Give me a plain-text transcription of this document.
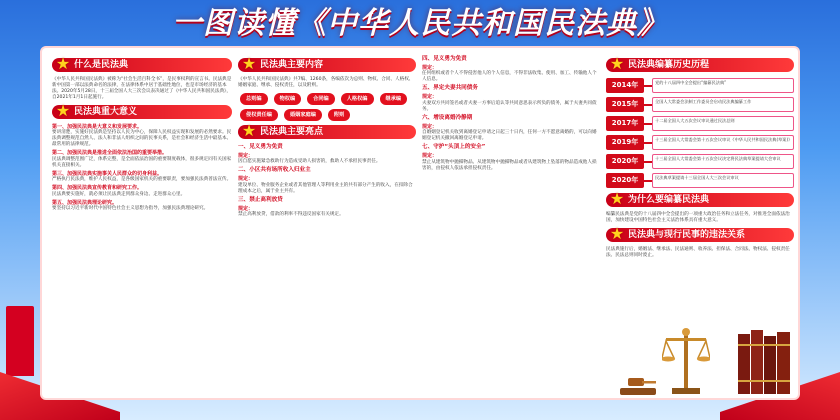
一图读懂《中华人民共和国民法典》
★ 什么是民法典

《中华人民共和国民法典》被称为“社会生活百科全书”，是民事权利的宣言书。民法典是新中国第一部以法典命名的法律，在法律体系中居于基础性地位，也是市场经济的基本法。2020年5月28日，十三届全国人大三次会议表决通过了《中华人民共和国民法典》，自2021年1月1日起施行。

★ 民法典重大意义

第一、加强民法典是大意义和发展要求。

要讲清楚，实施好民法典是坚持以人民为中心，保障人民权益实现和发展的必然要求。民法典调整规范自然人、法人和非法人组织之间的民事关系，是社会和经济生活中最基本、最常用的法律规范。

第二、加强民法典是推进全面依法治国的重要举措。

民法典调整范围广泛，体系完整，是全面依法治国的重要制度载体，很多规定同有关国家机关直接相关。

第三、加强民法典实施事关人民群众的切身利益。

严格执行民法典，维护人民权益，是各级国家机关的重要职责，要加强民法典普法宣传。

第四、加强民法典宣传教育和研究工作。

民法典要实施好，就必须让民法典走到群众身边、走进群众心里。

第五、加强民法典理论研究。

要坚持以习近平新时代中国特色社会主义思想为指导，加强民法典理论研究。

★ 民法典主要内容

《中华人民共和国民法典》共7编、1260条，各编依次为总则、物权、合同、人格权、婚姻家庭、继承、侵权责任，以及附则。

总则编	物权编	合同编	人格权编	继承编
侵权责任编	婚姻家庭编	附则
★ 民法典主要亮点

一、见义勇为免责

规定：

因自愿实施紧急救助行为造成受助人损害的，救助人不承担民事责任。

二、小区共有场所收入归业主

规定：

建设单位、物业服务企业或者其他管理人等利用业主的共有部分产生的收入，在扣除合理成本之后，属于业主共有。

三、禁止高利放贷

规定：

禁止高利放贷，借款的利率不得违反国家有关规定。

四、见义勇为免责

规定：

任何组织或者个人不得侵害他人的个人信息，不得非法收集、使用、加工、传输他人个人信息。

五、界定夫妻共同债务

规定：

夫妻双方共同签名或者夫妻一方事后追认等共同意思表示所负的债务，属于夫妻共同债务。

六、增设离婚冷静期

规定：

自婚姻登记机关收到离婚登记申请之日起三十日内，任何一方不愿意离婚的，可以向婚姻登记机关撤回离婚登记申请。

七、守护“头顶上的安全”

规定：

禁止从建筑物中抛掷物品。从建筑物中抛掷物品或者从建筑物上坠落的物品造成他人损害的，由侵权人依法承担侵权责任。

★ 民法典编纂历史历程
2014年	党的十八届四中全会提出“编纂民法典”
2015年	全国人大常委会法制工作委员会启动民法典编纂工作
2017年	十二届全国人大五次会议审议通过民法总则
2019年	十三届全国人大常委会第十五次会议审议《中华人民共和国民法典(草案)》
2020年	十三届全国人大常委会第十五次会议决定将民法典草案提请大会审议
2020年	民法典草案提请十三届全国人大三次会议审议
★ 为什么要编纂民法典

编纂民法典是党的十八届四中全会提出的一项重大政治任务和立法任务，对推进全面依法治国，加快建设中国特色社会主义法治体系具有重大意义。

★ 民法典与现行民事的违法关系

民法典施行后，婚姻法、继承法、民法通则、收养法、担保法、合同法、物权法、侵权责任法、民法总则同时废止。
